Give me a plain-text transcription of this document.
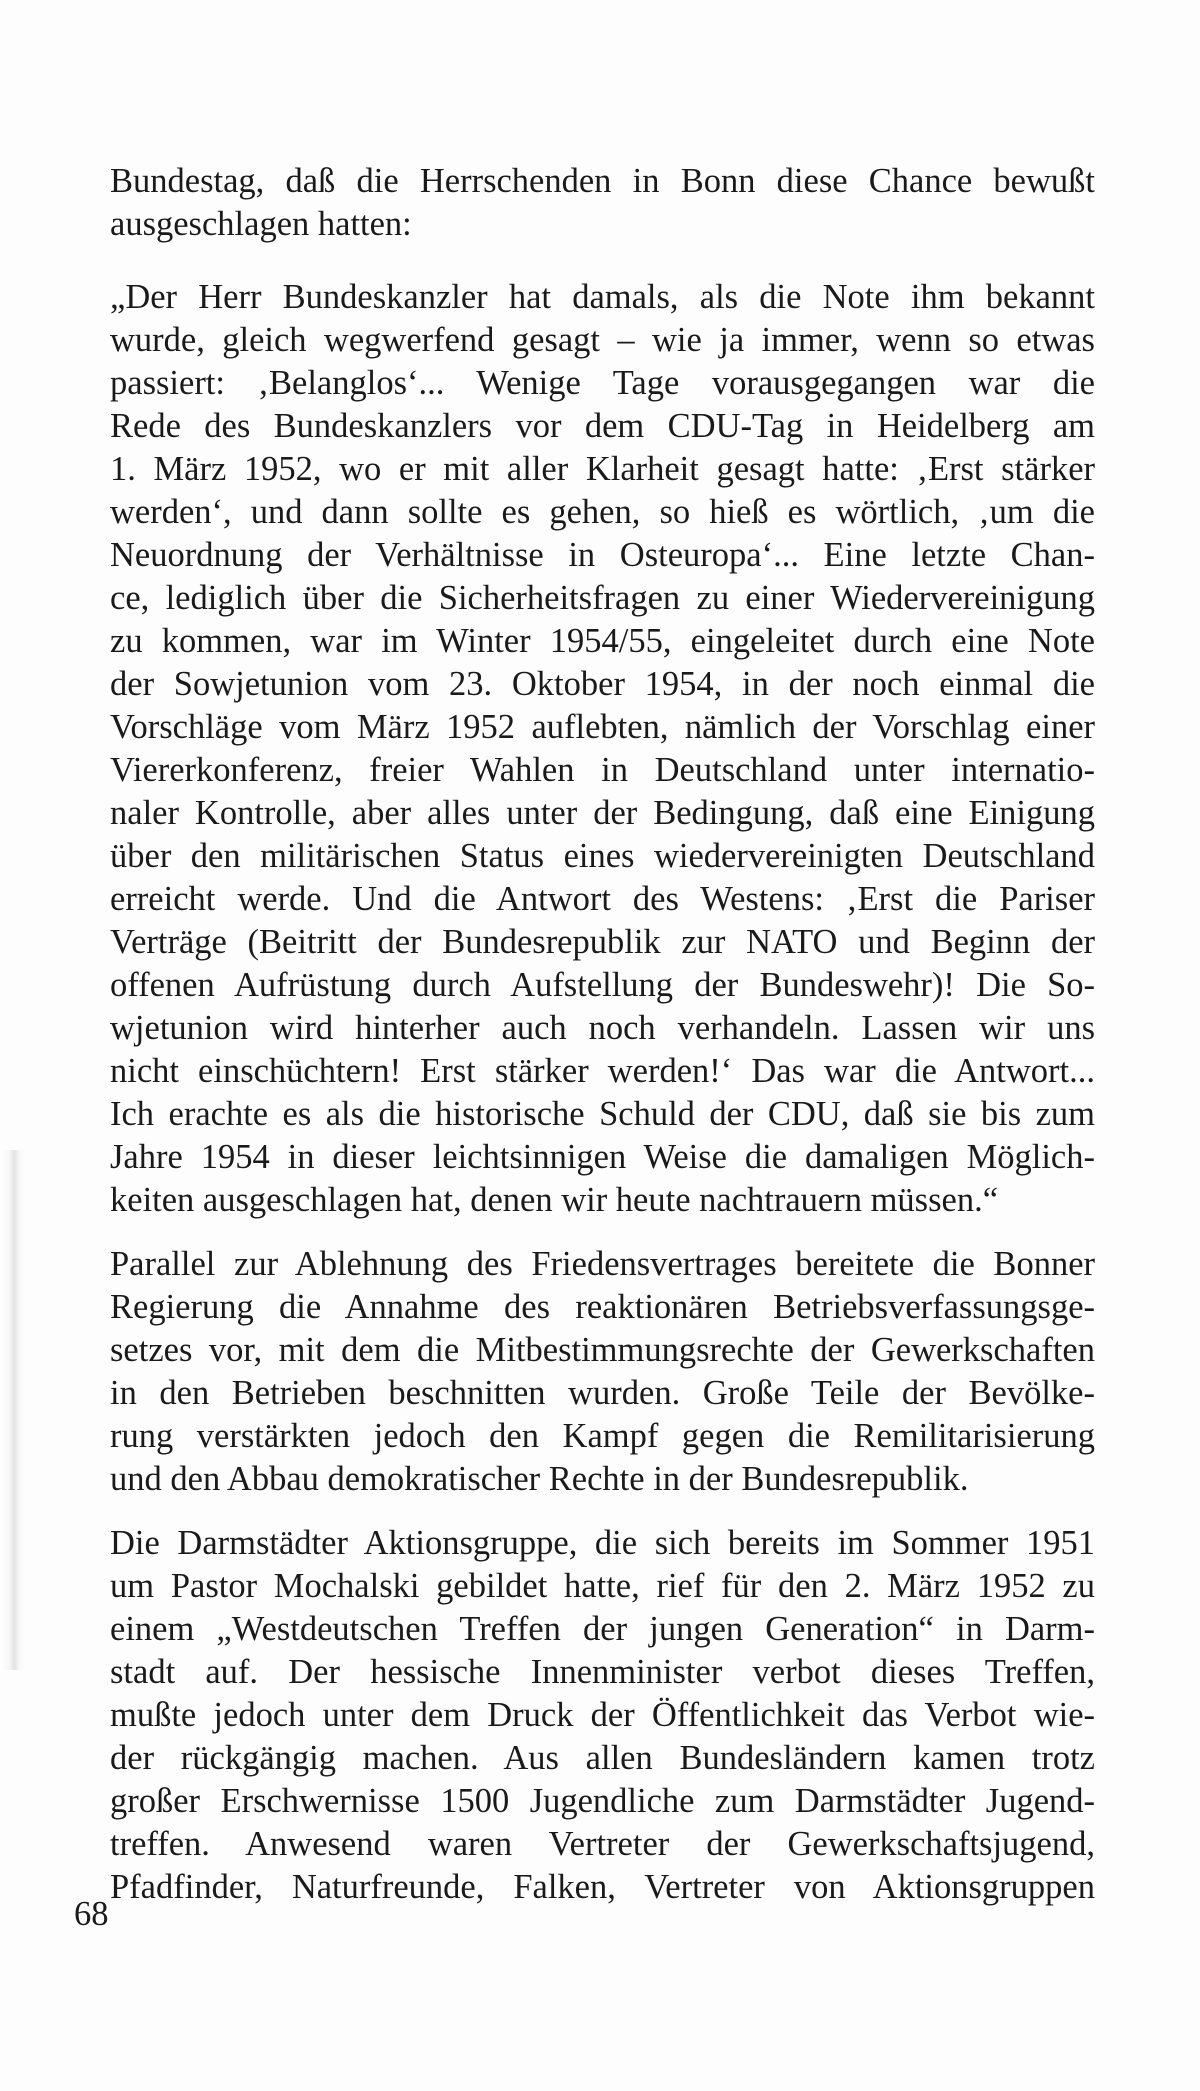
Bundestag, daß die Herrschenden in Bonn diese Chance bewußt
ausgeschlagen hatten:

„Der Herr Bundeskanzler hat damals, als die Note ihm bekannt
wurde, gleich wegwerfend gesagt – wie ja immer, wenn so etwas
passiert: ‚Belanglos‘... Wenige Tage vorausgegangen war die
Rede des Bundeskanzlers vor dem CDU-Tag in Heidelberg am
1. März 1952, wo er mit aller Klarheit gesagt hatte: ‚Erst stärker
werden‘, und dann sollte es gehen, so hieß es wörtlich, ‚um die
Neuordnung der Verhältnisse in Osteuropa‘... Eine letzte Chan-
ce, lediglich über die Sicherheitsfragen zu einer Wiedervereinigung
zu kommen, war im Winter 1954/55, eingeleitet durch eine Note
der Sowjetunion vom 23. Oktober 1954, in der noch einmal die
Vorschläge vom März 1952 auflebten, nämlich der Vorschlag einer
Viererkonferenz, freier Wahlen in Deutschland unter internatio-
naler Kontrolle, aber alles unter der Bedingung, daß eine Einigung
über den militärischen Status eines wiedervereinigten Deutschland
erreicht werde. Und die Antwort des Westens: ‚Erst die Pariser
Verträge (Beitritt der Bundesrepublik zur NATO und Beginn der
offenen Aufrüstung durch Aufstellung der Bundeswehr)! Die So-
wjetunion wird hinterher auch noch verhandeln. Lassen wir uns
nicht einschüchtern! Erst stärker werden!‘ Das war die Antwort...
Ich erachte es als die historische Schuld der CDU, daß sie bis zum
Jahre 1954 in dieser leichtsinnigen Weise die damaligen Möglich-
keiten ausgeschlagen hat, denen wir heute nachtrauern müssen.“

Parallel zur Ablehnung des Friedensvertrages bereitete die Bonner
Regierung die Annahme des reaktionären Betriebsverfassungsge-
setzes vor, mit dem die Mitbestimmungsrechte der Gewerkschaften
in den Betrieben beschnitten wurden. Große Teile der Bevölke-
rung verstärkten jedoch den Kampf gegen die Remilitarisierung
und den Abbau demokratischer Rechte in der Bundesrepublik.

Die Darmstädter Aktionsgruppe, die sich bereits im Sommer 1951
um Pastor Mochalski gebildet hatte, rief für den 2. März 1952 zu
einem „Westdeutschen Treffen der jungen Generation“ in Darm-
stadt auf. Der hessische Innenminister verbot dieses Treffen,
mußte jedoch unter dem Druck der Öffentlichkeit das Verbot wie-
der rückgängig machen. Aus allen Bundesländern kamen trotz
großer Erschwernisse 1500 Jugendliche zum Darmstädter Jugend-
treffen. Anwesend waren Vertreter der Gewerkschaftsjugend,
Pfadfinder, Naturfreunde, Falken, Vertreter von Aktionsgruppen

68
